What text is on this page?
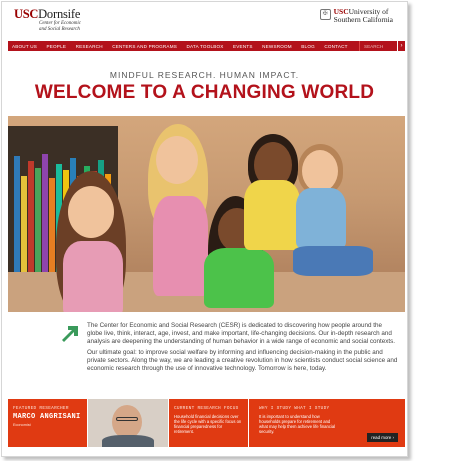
USCDornsife
Center for Economic
and Social Research
✠ USCUniversity of
Southern California
ABOUT US PEOPLE RESEARCH CENTERS AND PROGRAMS DATA TOOLBOX EVENTS NEWSROOM BLOG CONTACT
SEARCH	›
MINDFUL RESEARCH. HUMAN IMPACT.
WELCOME TO A CHANGING WORLD

The Center for Economic and Social Research (CESR) is dedicated to discovering how people around the globe live, think, interact, age, invest, and make important, life-changing decisions. Our in-depth research and analysis are deepening the understanding of human behavior in a wide range of economic and social contexts.

Our ultimate goal: to improve social welfare by informing and influencing decision-making in the public and private sectors. Along the way, we are leading a creative revolution in how scientists conduct social science and economic research through the use of innovative technology. Tomorrow is here, today.

FEATURED RESEARCHER
MARCO ANGRISANI
Economist
CURRENT RESEARCH FOCUS
Household financial decisions over the life cycle with a specific focus on financial preparedness for retirement.
WHY I STUDY WHAT I STUDY
It is important to understand how households prepare for retirement and what may help them achieve life financial security.
read more ›
